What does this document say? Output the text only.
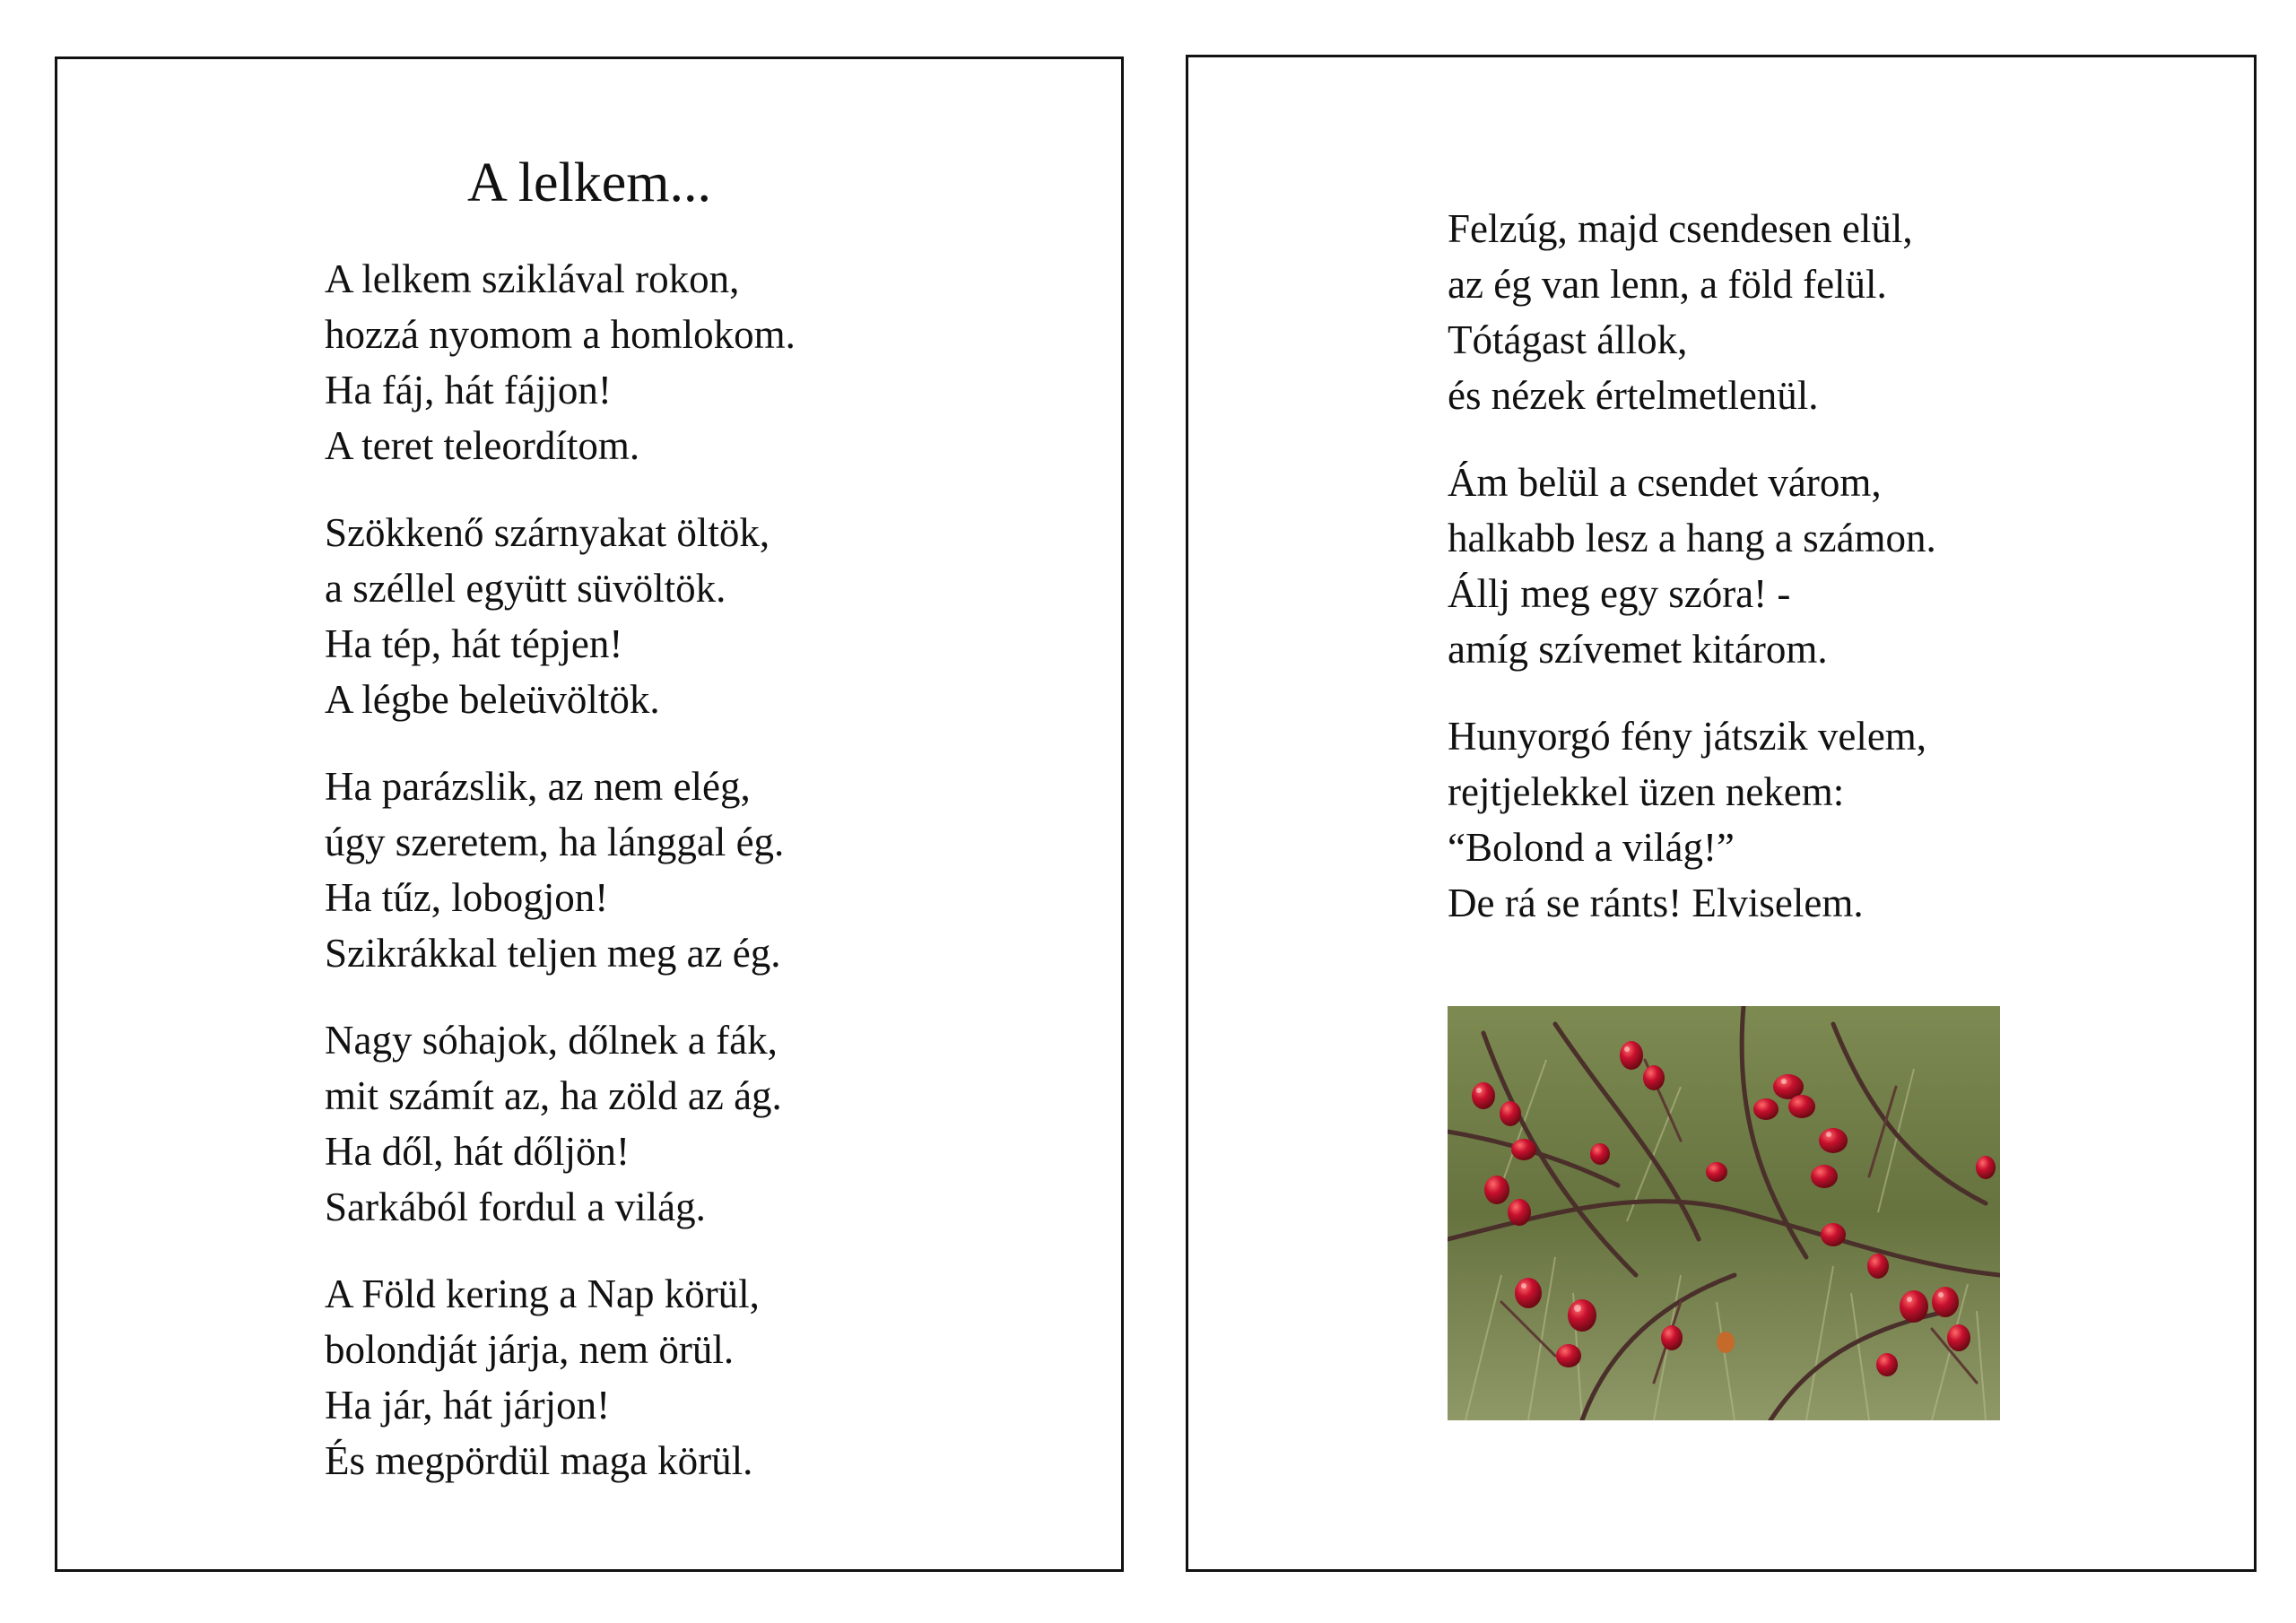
A lelkem...
A lelkem sziklával rokon,
hozzá nyomom a homlokom.
Ha fáj, hát fájjon!
A teret teleordítom.
Szökkenő szárnyakat öltök,
a széllel együtt süvöltök.
Ha tép, hát tépjen!
A légbe beleüvöltök.
Ha parázslik, az nem elég,
úgy szeretem, ha lánggal ég.
Ha tűz, lobogjon!
Szikrákkal teljen meg az ég.
Nagy sóhajok, dőlnek a fák,
mit számít az, ha zöld az ág.
Ha dől, hát dőljön!
Sarkából fordul a világ.
A Föld kering a Nap körül,
bolondját járja, nem örül.
Ha jár, hát járjon!
És megpördül maga körül.
Felzúg, majd csendesen elül,
az ég van lenn, a föld felül.
Tótágast állok,
és nézek értelmetlenül.
Ám belül a csendet várom,
halkabb lesz a hang a számon.
Állj meg egy szóra! -
amíg szívemet kitárom.
Hunyorgó fény játszik velem,
rejtjelekkel üzen nekem:
“Bolond a világ!”
De rá se ránts! Elviselem.
